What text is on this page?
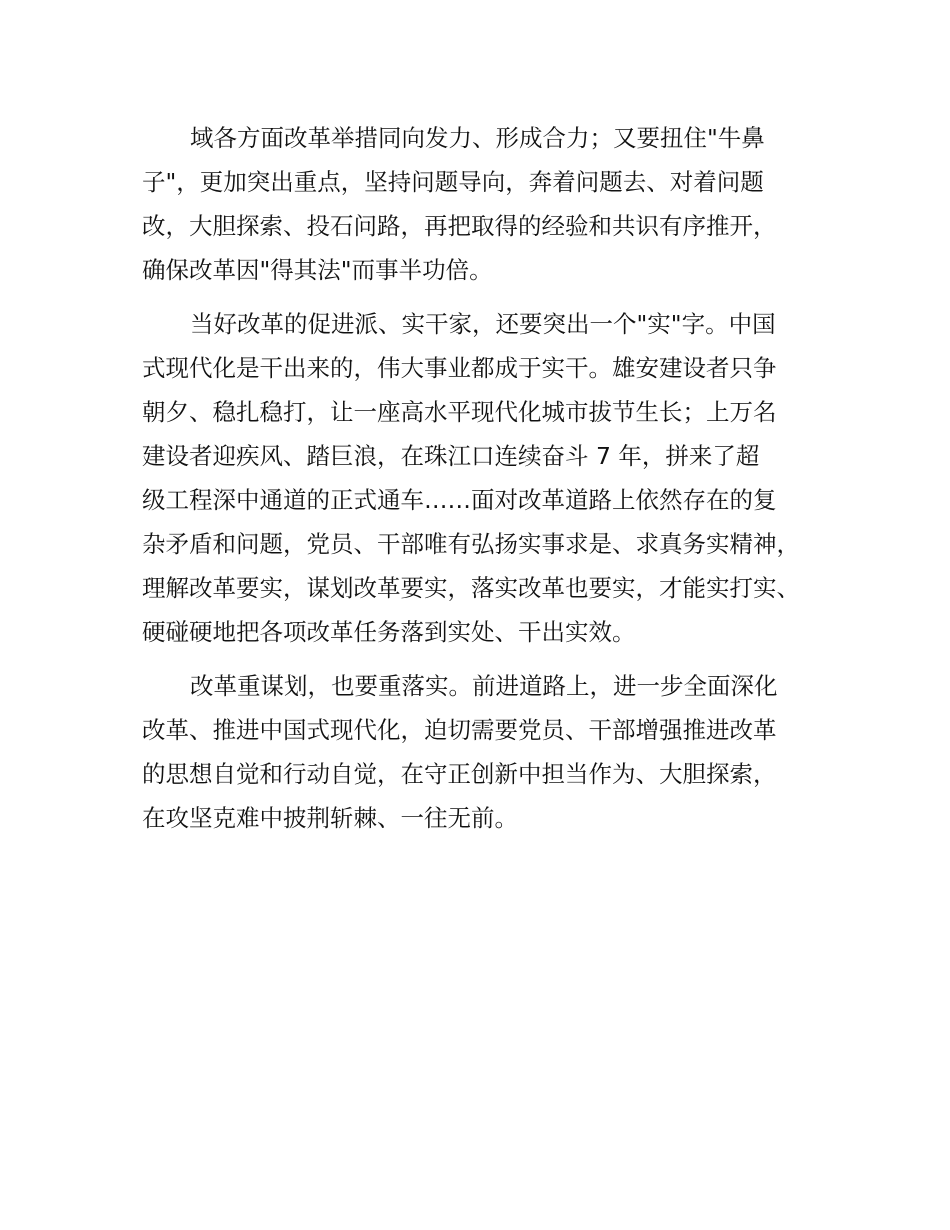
域各方面改革举措同向发力、形成合力；又要扭住"牛鼻
子"，更加突出重点，坚持问题导向，奔着问题去、对着问题
改，大胆探索、投石问路，再把取得的经验和共识有序推开，
确保改革因"得其法"而事半功倍。
当好改革的促进派、实干家，还要突出一个"实"字。中国
式现代化是干出来的，伟大事业都成于实干。雄安建设者只争
朝夕、稳扎稳打，让一座高水平现代化城市拔节生长；上万名
建设者迎疾风、踏巨浪，在珠江口连续奋斗 7 年，拼来了超
级工程深中通道的正式通车……面对改革道路上依然存在的复
杂矛盾和问题，党员、干部唯有弘扬实事求是、求真务实精神，
理解改革要实，谋划改革要实，落实改革也要实，才能实打实、
硬碰硬地把各项改革任务落到实处、干出实效。
改革重谋划，也要重落实。前进道路上，进一步全面深化
改革、推进中国式现代化，迫切需要党员、干部增强推进改革
的思想自觉和行动自觉，在守正创新中担当作为、大胆探索，
在攻坚克难中披荆斩棘、一往无前。
